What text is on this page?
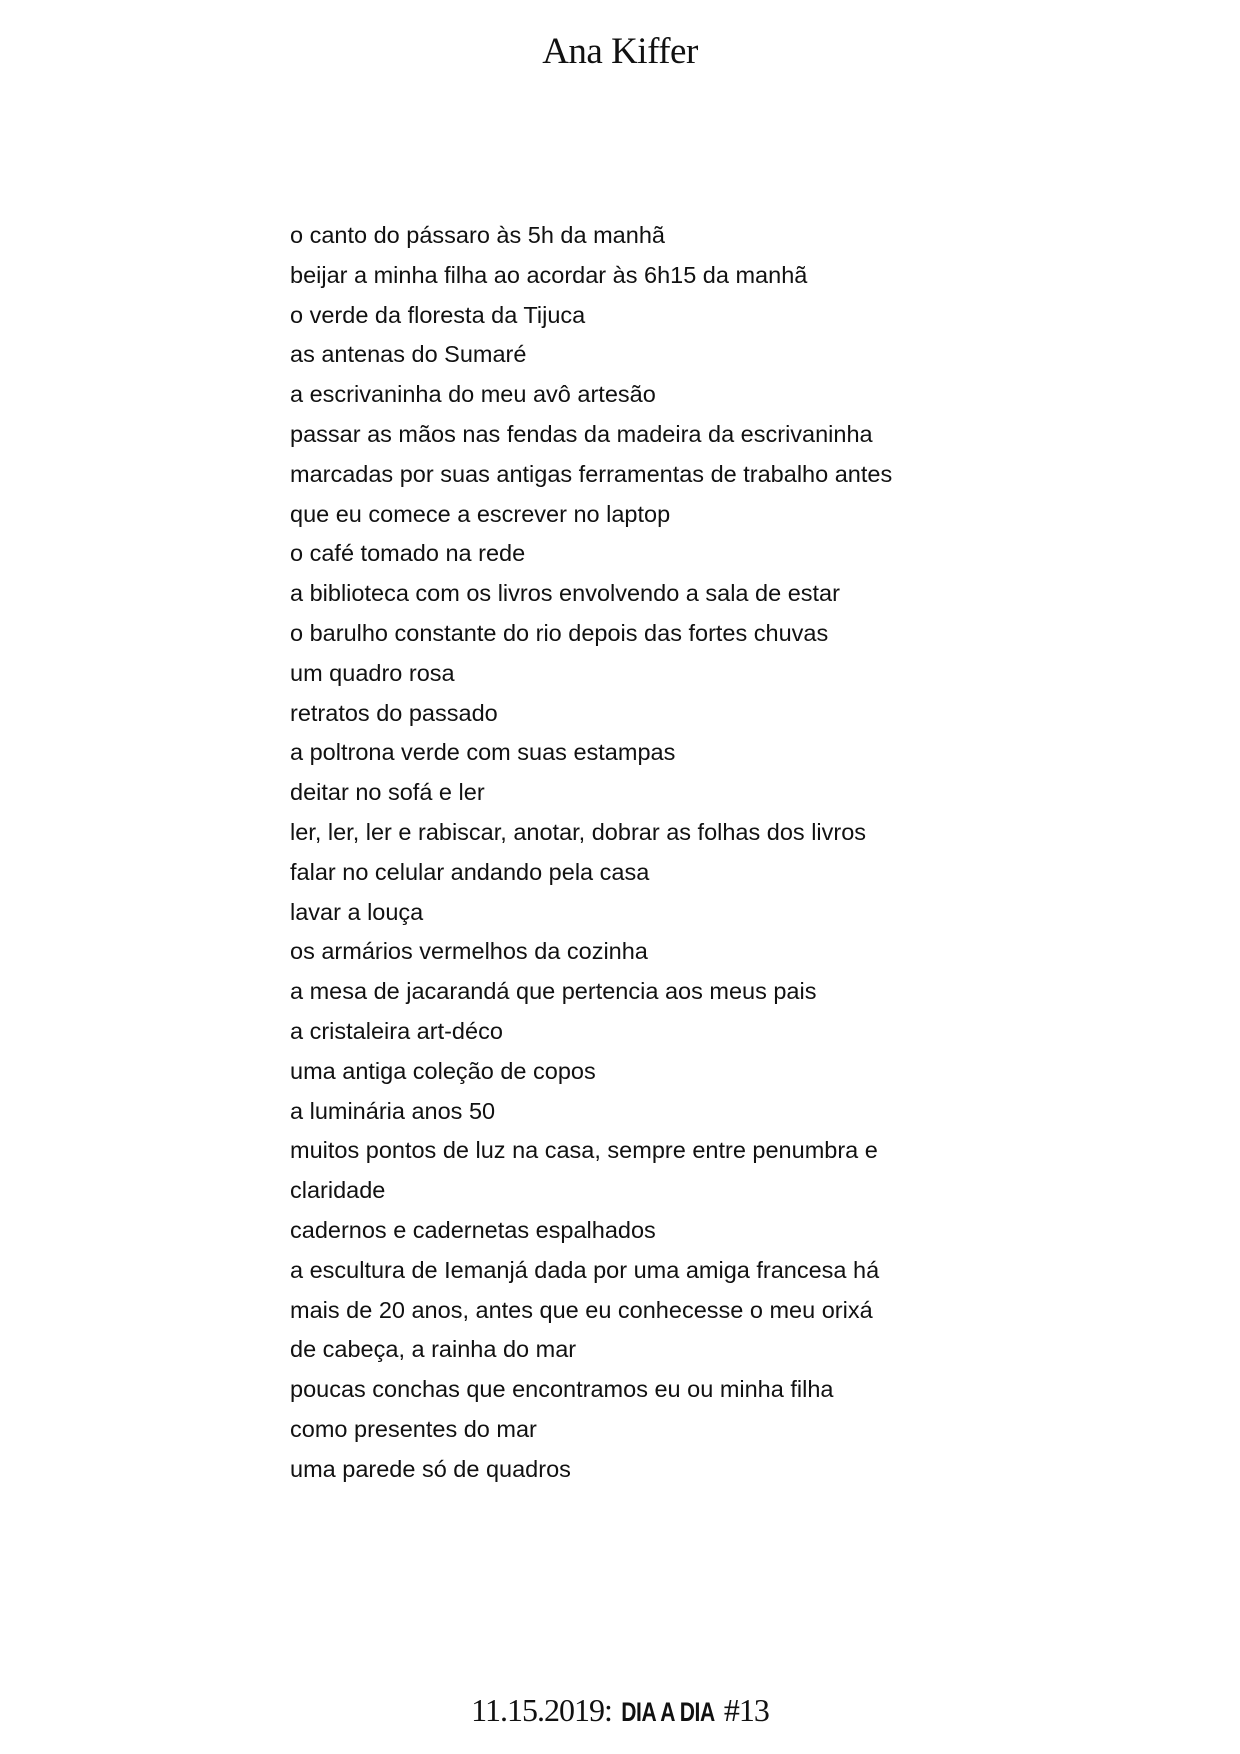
Ana Kiffer
o canto do pássaro às 5h da manhã
beijar a minha filha ao acordar às 6h15 da manhã
o verde da floresta da Tijuca
as antenas do Sumaré
a escrivaninha do meu avô artesão
passar as mãos nas fendas da madeira da escrivaninha
marcadas por suas antigas ferramentas de trabalho antes
que eu comece a escrever no laptop
o café tomado na rede
a biblioteca com os livros envolvendo a sala de estar
o barulho constante do rio depois das fortes chuvas
um quadro rosa
retratos do passado
a poltrona verde com suas estampas
deitar no sofá e ler
ler, ler, ler e rabiscar, anotar, dobrar as folhas dos livros
falar no celular andando pela casa
lavar a louça
os armários vermelhos da cozinha
a mesa de jacarandá que pertencia aos meus pais
a cristaleira art-déco
uma antiga coleção de copos
a luminária anos 50
muitos pontos de luz na casa, sempre entre penumbra e
claridade
cadernos e cadernetas espalhados
a escultura de Iemanjá dada por uma amiga francesa há
mais de 20 anos, antes que eu conhecesse o meu orixá
de cabeça, a rainha do mar
poucas conchas que encontramos eu ou minha filha
como presentes do mar
uma parede só de quadros
11.15.2019: DIA A DIA #13
